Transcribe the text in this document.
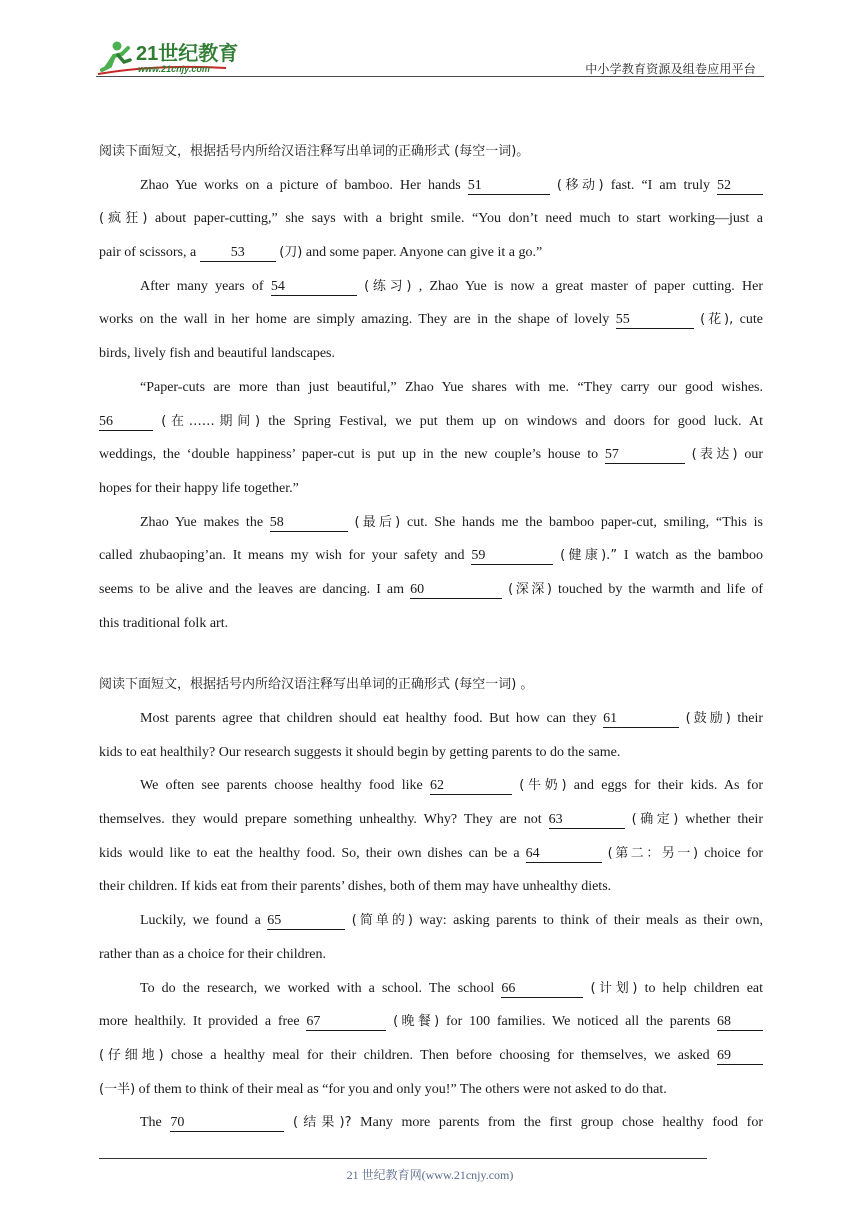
21世纪教育
www.21cnjy.com	中小学教育资源及组卷应用平台
阅读下面短文，根据括号内所给汉语注释写出单词的正确形式 (每空一词)。
Zhao Yue works on a picture of bamboo. Her hands 51	(移动) fast. “I am truly 52
(疯狂) about paper-cutting,” she says with a bright smile. “You don’t need much to start working—just a
pair of scissors, a 53	(刀) and some paper. Anyone can give it a go.”
After many years of 54	(练习) , Zhao Yue is now a great master of paper cutting. Her
works on the wall in her home are simply amazing. They are in the shape of lovely 55	(花), cute
birds, lively fish and beautiful landscapes.
“Paper-cuts are more than just beautiful,” Zhao Yue shares with me. “They carry our good wishes.
56	(在……期间) the Spring Festival, we put them up on windows and doors for good luck. At
weddings, the ‘double happiness’ paper-cut is put up in the new couple’s house to 57	(表达) our
hopes for their happy life together.”
Zhao Yue makes the 58	(最后) cut. She hands me the bamboo paper-cut, smiling, “This is
called zhubaoping’an. It means my wish for your safety and 59	(健康).” I watch as the bamboo
seems to be alive and the leaves are dancing. I am 60	(深深) touched by the warmth and life of
this traditional folk art.
阅读下面短文，根据括号内所给汉语注释写出单词的正确形式 (每空一词) 。
Most parents agree that children should eat healthy food. But how can they 61	(鼓励) their
kids to eat healthily? Our research suggests it should begin by getting parents to do the same.
We often see parents choose healthy food like 62	(牛奶) and eggs for their kids. As for
themselves. they would prepare something unhealthy. Why? They are not 63	(确定) whether their
kids would like to eat the healthy food. So, their own dishes can be a 64	(第二：另一) choice for
their children. If kids eat from their parents’ dishes, both of them may have unhealthy diets.
Luckily, we found a 65	(简单的) way: asking parents to think of their meals as their own,
rather than as a choice for their children.
To do the research, we worked with a school. The school 66	(计划) to help children eat
more healthily. It provided a free 67	(晚餐) for 100 families. We noticed all the parents 68
(仔细地) chose a healthy meal for their children. Then before choosing for themselves, we asked 69
(一半) of them to think of their meal as “for you and only you!” The others were not asked to do that.
The 70	(结果)? Many more parents from the first group chose healthy food for
21 世纪教育网(www.21cnjy.com)
